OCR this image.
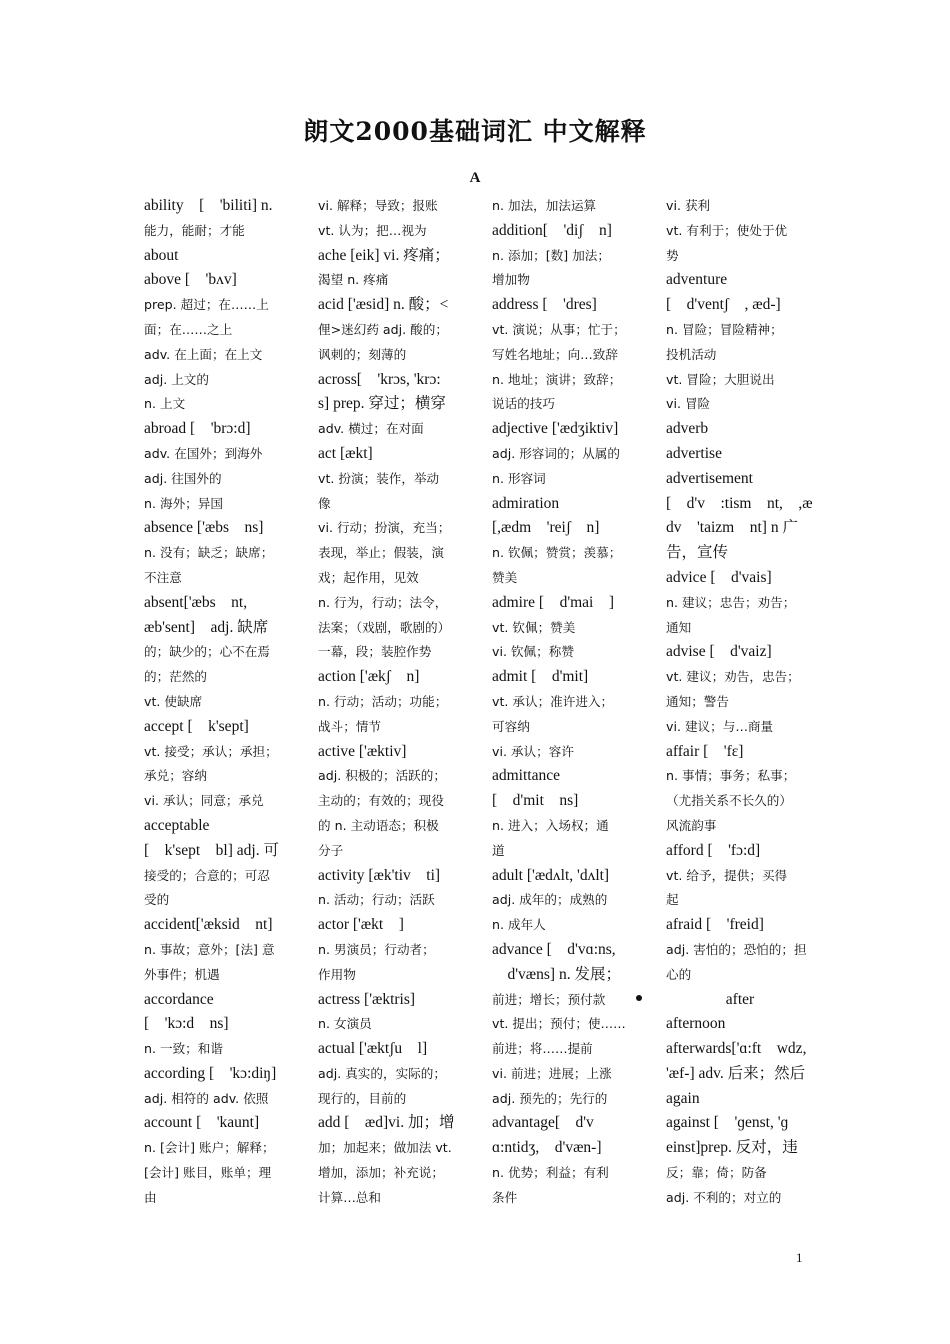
朗文2000基础词汇 中文解释
A
ability　[　'biliti] n.
能力，能耐；才能
about
above [　'bʌv]
prep. 超过；在……上
面；在……之上
adv. 在上面；在上文
adj. 上文的
n. 上文
abroad [　'brɔ:d]
adv. 在国外；到海外
adj. 往国外的
n. 海外；异国
absence ['æbs　ns]
n. 没有；缺乏；缺席；
不注意
absent['æbs　nt,
æb'sent]　adj. 缺席
的；缺少的；心不在焉
的；茫然的
vt. 使缺席
accept [　k'sept]
vt. 接受；承认；承担；
承兑；容纳
vi. 承认；同意；承兑
acceptable
[　k'sept　bl] adj. 可
接受的；合意的；可忍
受的
accident['æksid　nt]
n. 事故；意外；[法] 意
外事件；机遇
accordance
[　'kɔ:d　ns]
n. 一致；和谐
according [　'kɔ:diŋ]
adj. 相符的 adv. 依照
account [　'kaunt]
n. [会计] 账户；解释；
[会计] 账目，账单；理
由
vi. 解释；导致；报账
vt. 认为；把…视为
ache [eik] vi. 疼痛；
渴望 n. 疼痛
acid ['æsid] n. 酸；<
俚>迷幻药 adj. 酸的；
讽刺的；刻薄的
across[　'krɔs, 'krɔ:
s] prep. 穿过；横穿
adv. 横过；在对面
act [ækt]
vt. 扮演；装作，举动
像
vi. 行动；扮演，充当；
表现，举止；假装，演
戏；起作用，见效
n. 行为，行动；法令，
法案；（戏剧，歌剧的）
一幕，段；装腔作势
action ['ækʃ　n]
n. 行动；活动；功能；
战斗；情节
active ['æktiv]
adj. 积极的；活跃的；
主动的；有效的；现役
的 n. 主动语态；积极
分子
activity [æk'tiv　ti]
n. 活动；行动；活跃
actor ['ækt　]
n. 男演员；行动者；
作用物
actress ['æktris]
n. 女演员
actual ['æktʃu　l]
adj. 真实的，实际的；
现行的，目前的
add [　æd]vi. 加；增
加；加起来；做加法 vt.
增加，添加；补充说；
计算…总和
n. 加法，加法运算
addition[　'diʃ　n]
n. 添加；[数] 加法；
增加物
address [　'dres]
vt. 演说；从事；忙于；
写姓名地址；向…致辞
n. 地址；演讲；致辞；
说话的技巧
adjective ['ædʒiktiv]
adj. 形容词的；从属的
n. 形容词
admiration
[,ædm　'reiʃ　n]
n. 钦佩；赞赏；羡慕；
赞美
admire [　d'mai　]
vt. 钦佩；赞美
vi. 钦佩；称赞
admit [　d'mit]
vt. 承认；准许进入；
可容纳
vi. 承认；容许
admittance
[　d'mit　ns]
n. 进入；入场权；通
道
adult ['ædʌlt, 'dʌlt]
adj. 成年的；成熟的
n. 成年人
advance [　d'vɑ:ns,
　d'væns] n. 发展；
前进；增长；预付款
vt. 提出；预付；使……
前进；将……提前
vi. 前进；进展；上涨
adj. 预先的；先行的
advantage[　d'v
ɑ:ntidʒ,　d'væn-]
n. 优势；利益；有利
条件
vi. 获利
vt. 有利于；使处于优
势
adventure
[　d'ventʃ　, æd-]
n. 冒险；冒险精神；
投机活动
vt. 冒险；大胆说出
vi. 冒险
adverb
advertise
advertisement
[　d'v　:tism　nt,　,æ
dv　'taizm　nt] n 广
告，宣传
advice [　d'vais]
n. 建议；忠告；劝告；
通知
advise [　d'vaiz]
vt. 建议；劝告，忠告；
通知；警告
vi. 建议；与…商量
affair [　'fɛ]
n. 事情；事务；私事；
（尤指关系不长久的）
风流韵事
afford [　'fɔ:d]
vt. 给予，提供；买得
起
afraid [　'freid]
adj. 害怕的；恐怕的；担
心的
after
afternoon
afterwards['ɑ:ft　wdz,
'æf-] adv. 后来；然后
again
against [　'ɡenst, 'ɡ
einst]prep. 反对，违
反；靠；倚；防备
adj. 不利的；对立的
1
